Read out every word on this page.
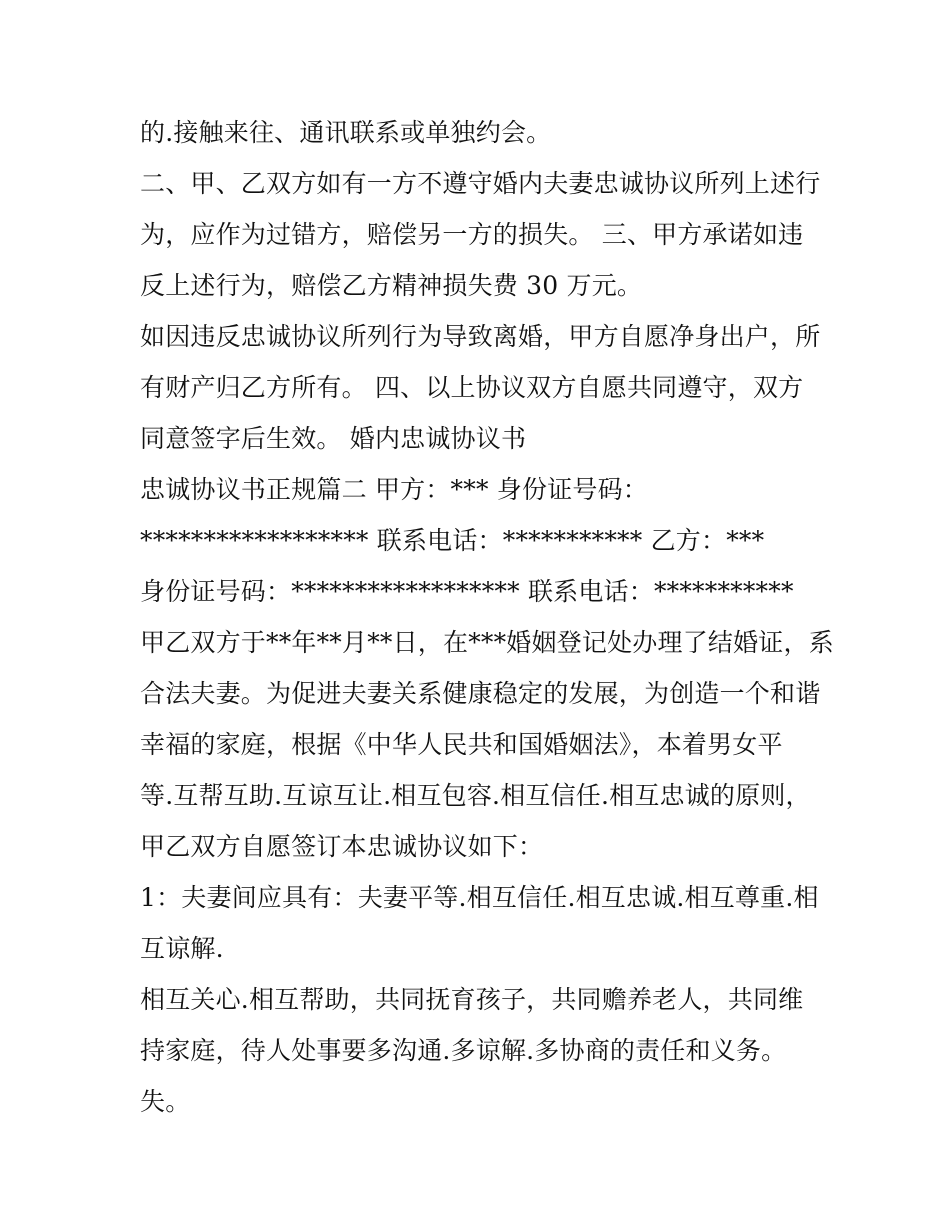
的.接触来往、通讯联系或单独约会。

二、甲、乙双方如有一方不遵守婚内夫妻忠诚协议所列上述行

为，应作为过错方，赔偿另一方的损失。 三、甲方承诺如违

反上述行为，赔偿乙方精神损失费 30 万元。

如因违反忠诚协议所列行为导致离婚，甲方自愿净身出户，所

有财产归乙方所有。 四、以上协议双方自愿共同遵守，双方

同意签字后生效。 婚内忠诚协议书

忠诚协议书正规篇二 甲方：*** 身份证号码：

****************** 联系电话：*********** 乙方：***

身份证号码：****************** 联系电话：***********

甲乙双方于**年**月**日，在***婚姻登记处办理了结婚证，系

合法夫妻。为促进夫妻关系健康稳定的发展，为创造一个和谐

幸福的家庭，根据《中华人民共和国婚姻法》，本着男女平

等.互帮互助.互谅互让.相互包容.相互信任.相互忠诚的原则，

甲乙双方自愿签订本忠诚协议如下：

1：夫妻间应具有：夫妻平等.相互信任.相互忠诚.相互尊重.相

互谅解.

相互关心.相互帮助，共同抚育孩子，共同赡养老人，共同维

持家庭，待人处事要多沟通.多谅解.多协商的责任和义务。

失。
